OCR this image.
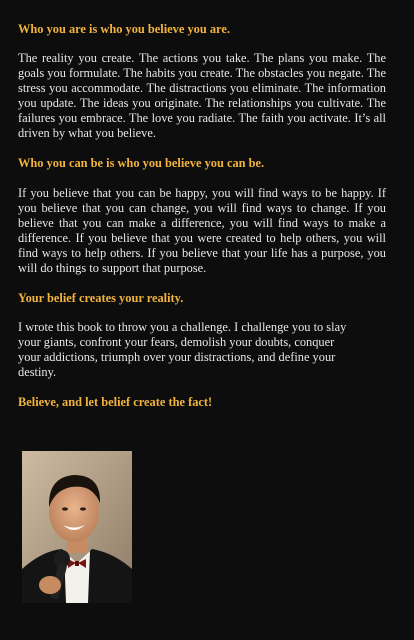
Who you are is who you believe you are.

The reality you create. The actions you take. The plans you make. The goals you formulate. The habits you create. The obstacles you negate. The stress you accommodate. The distractions you eliminate. The information you update. The ideas you originate. The relationships you cultivate. The failures you embrace. The love you radiate. The faith you activate. It’s all driven by what you believe.

Who you can be is who you believe you can be.

If you believe that you can be happy, you will find ways to be happy. If you believe that you can change, you will find ways to change. If you believe that you can make a difference, you will find ways to make a difference. If you believe that you were created to help others, you will find ways to help others. If you believe that your life has a purpose, you will do things to support that purpose.

Your belief creates your reality.
I wrote this book to throw you a challenge. I challenge you to slay
your giants, confront your fears, demolish your doubts, conquer
your addictions, triumph over your distractions, and define your
destiny.
Believe, and let belief create the fact!
